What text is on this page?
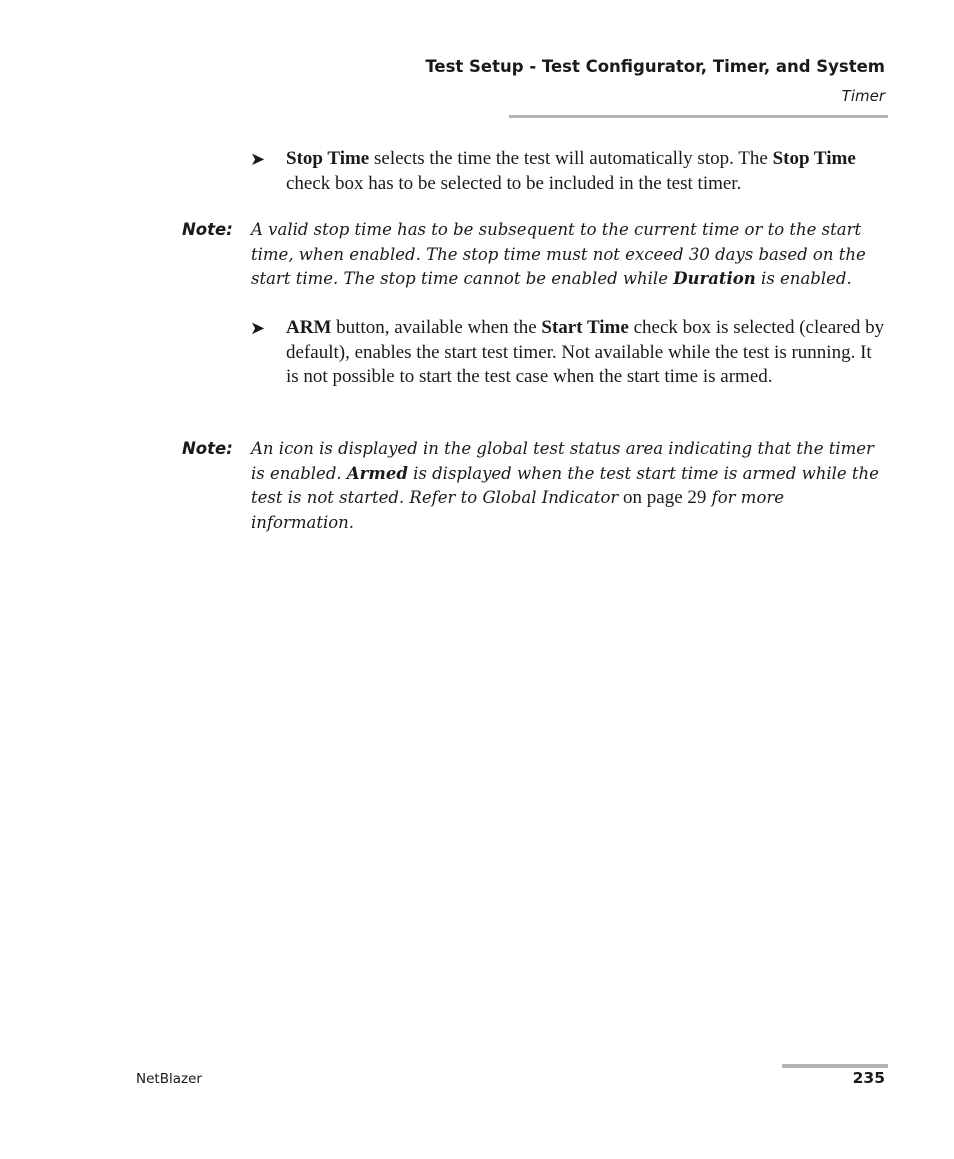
Test Setup - Test Configurator, Timer, and System
Timer
➤ Stop Time selects the time the test will automatically stop. The Stop Time check box has to be selected to be included in the test timer.
Note: A valid stop time has to be subsequent to the current time or to the start time, when enabled. The stop time must not exceed 30 days based on the start time. The stop time cannot be enabled while Duration is enabled.
➤ ARM button, available when the Start Time check box is selected (cleared by default), enables the start test timer. Not available while the test is running. It is not possible to start the test case when the start time is armed.
Note: An icon is displayed in the global test status area indicating that the timer is enabled. Armed is displayed when the test start time is armed while the test is not started. Refer to Global Indicator on page 29 for more information.
NetBlazer	235
